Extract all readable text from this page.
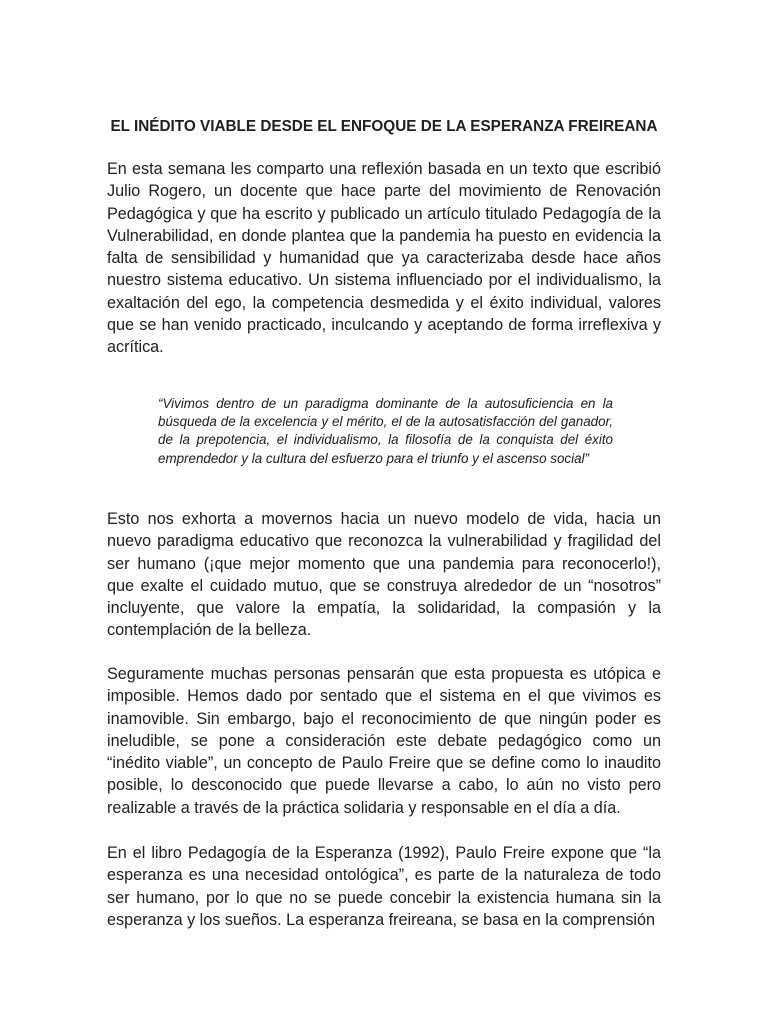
EL INÉDITO VIABLE DESDE EL ENFOQUE DE LA ESPERANZA FREIREANA

En esta semana les comparto una reflexión basada en un texto que escribió Julio Rogero, un docente que hace parte del movimiento de Renovación Pedagógica y que ha escrito y publicado un artículo titulado Pedagogía de la Vulnerabilidad, en donde plantea que la pandemia ha puesto en evidencia la falta de sensibilidad y humanidad que ya caracterizaba desde hace años nuestro sistema educativo. Un sistema influenciado por el individualismo, la exaltación del ego, la competencia desmedida y el éxito individual, valores que se han venido practicado, inculcando y aceptando de forma irreflexiva y acrítica.

“Vivimos dentro de un paradigma dominante de la autosuficiencia en la búsqueda de la excelencia y el mérito, el de la autosatisfacción del ganador, de la prepotencia, el individualismo, la filosofía de la conquista del éxito emprendedor y la cultura del esfuerzo para el triunfo y el ascenso social”

Esto nos exhorta a movernos hacia un nuevo modelo de vida, hacia un nuevo paradigma educativo que reconozca la vulnerabilidad y fragilidad del ser humano (¡que mejor momento que una pandemia para reconocerlo!), que exalte el cuidado mutuo, que se construya alrededor de un “nosotros” incluyente, que valore la empatía, la solidaridad, la compasión y la contemplación de la belleza.

Seguramente muchas personas pensarán que esta propuesta es utópica e imposible. Hemos dado por sentado que el sistema en el que vivimos es inamovible. Sin embargo, bajo el reconocimiento de que ningún poder es ineludible, se pone a consideración este debate pedagógico como un “inédito viable”, un concepto de Paulo Freire que se define como lo inaudito posible, lo desconocido que puede llevarse a cabo, lo aún no visto pero realizable a través de la práctica solidaria y responsable en el día a día.

En el libro Pedagogía de la Esperanza (1992), Paulo Freire expone que “la esperanza es una necesidad ontológica”, es parte de la naturaleza de todo ser humano, por lo que no se puede concebir la existencia humana sin la esperanza y los sueños. La esperanza freireana, se basa en la comprensión
